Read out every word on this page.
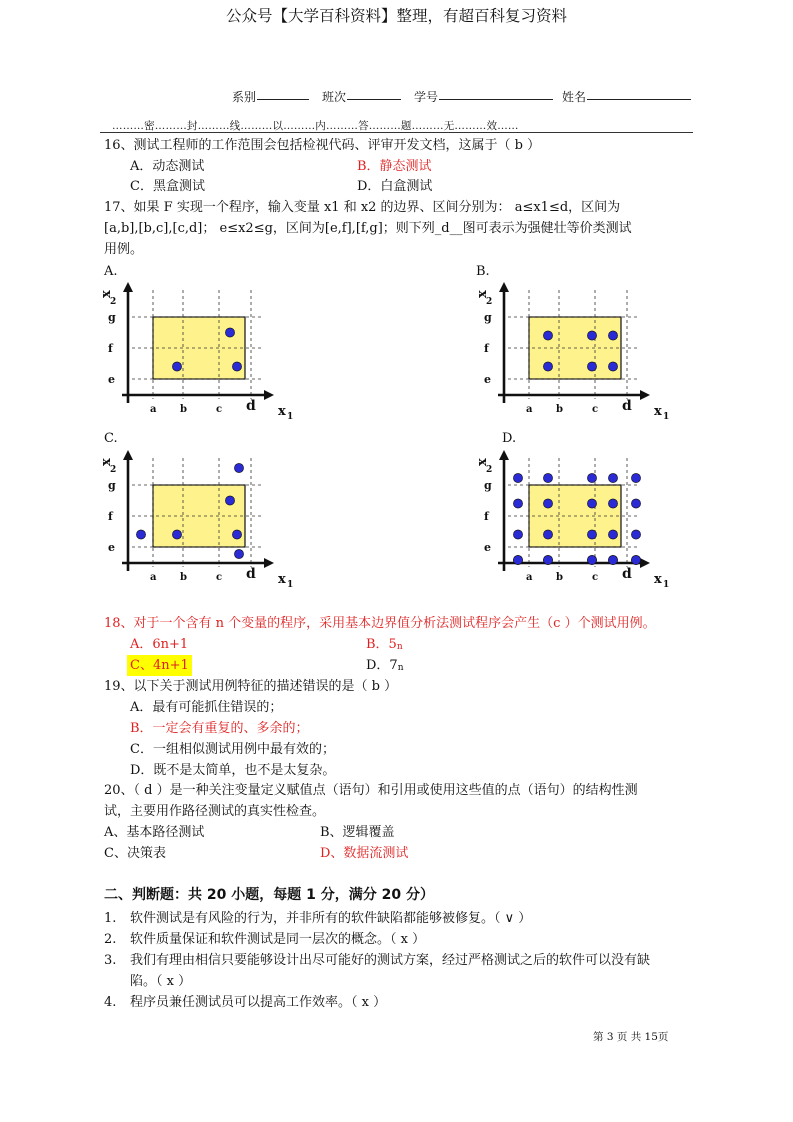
公众号【大学百科资料】整理，有超百科复习资料
系别	班次	学号	姓名
………密………封………线………以………内………答………题………无………效……
16、测试工程师的工作范围会包括检视代码、评审开发文档，这属于（ b ）
A．动态测试	B．静态测试
C．黑盒测试	D．白盒测试
17、如果 F 实现一个程序，输入变量 x1 和 x2 的边界、区间分别为： a≤x1≤d，区间为
[a,b],[b,c],[c,d]； e≤x2≤g，区间为[e,f],[f,g]；则下列_d__图可表示为强健壮等价类测试
用例。
A.	B.
C.	D.
x
2
x 1
g
f
e
a b	c d
x
2
x 1
g
f
e
a b	c d
x
2
x 1
g
f
e
a b	c d
x
2
x 1
g
f
e
a b	c d
18、对于一个含有 n 个变量的程序，采用基本边界值分析法测试程序会产生（c ）个测试用例。
A．6n+1	B．5n
C、4n+1	D．7n
19、以下关于测试用例特征的描述错误的是（ b ）
A．最有可能抓住错误的；
B．一定会有重复的、多余的；
C．一组相似测试用例中最有效的；
D．既不是太简单，也不是太复杂。
20、（ d ）是一种关注变量定义赋值点（语句）和引用或使用这些值的点（语句）的结构性测
试，主要用作路径测试的真实性检查。
A、基本路径测试	B、逻辑覆盖
C、决策表	D、数据流测试
二、判断题：共 20 小题，每题 1 分，满分 20 分）
1. 软件测试是有风险的行为，并非所有的软件缺陷都能够被修复。（ ∨ ）
2. 软件质量保证和软件测试是同一层次的概念。（ x ）
3. 我们有理由相信只要能够设计出尽可能好的测试方案，经过严格测试之后的软件可以没有缺
陷。（ x ）
4. 程序员兼任测试员可以提高工作效率。（ x ）
第 3 页 共 15页
